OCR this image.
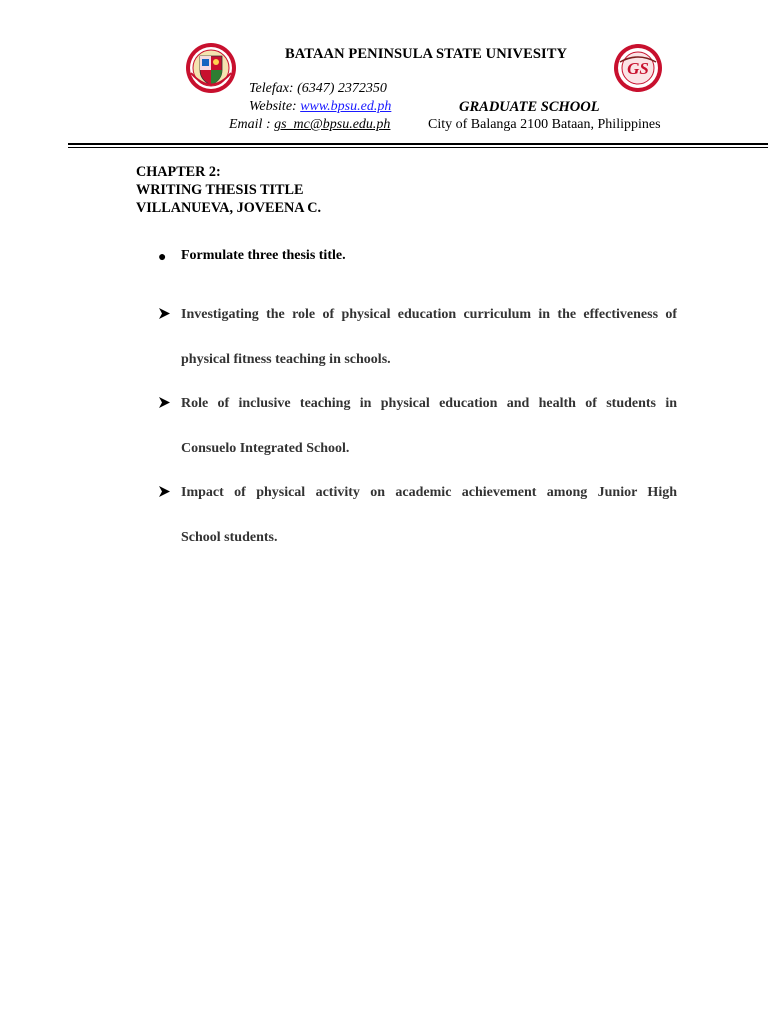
GS
BATAAN PENINSULA STATE UNIVESITY
Telefax: (6347) 2372350
Website: www.bpsu.ed.ph
Email : gs_mc@bpsu.edu.ph
GRADUATE SCHOOL
City of Balanga 2100 Bataan, Philippines
CHAPTER 2:
WRITING THESIS TITLE
VILLANUEVA, JOVEENA C.
● Formulate three thesis title.
Investigating the role of physical education curriculum in the effectiveness of
physical fitness teaching in schools.
Role of inclusive teaching in physical education and health of students in
Consuelo Integrated School.
Impact of physical activity on academic achievement among Junior High
School students.
